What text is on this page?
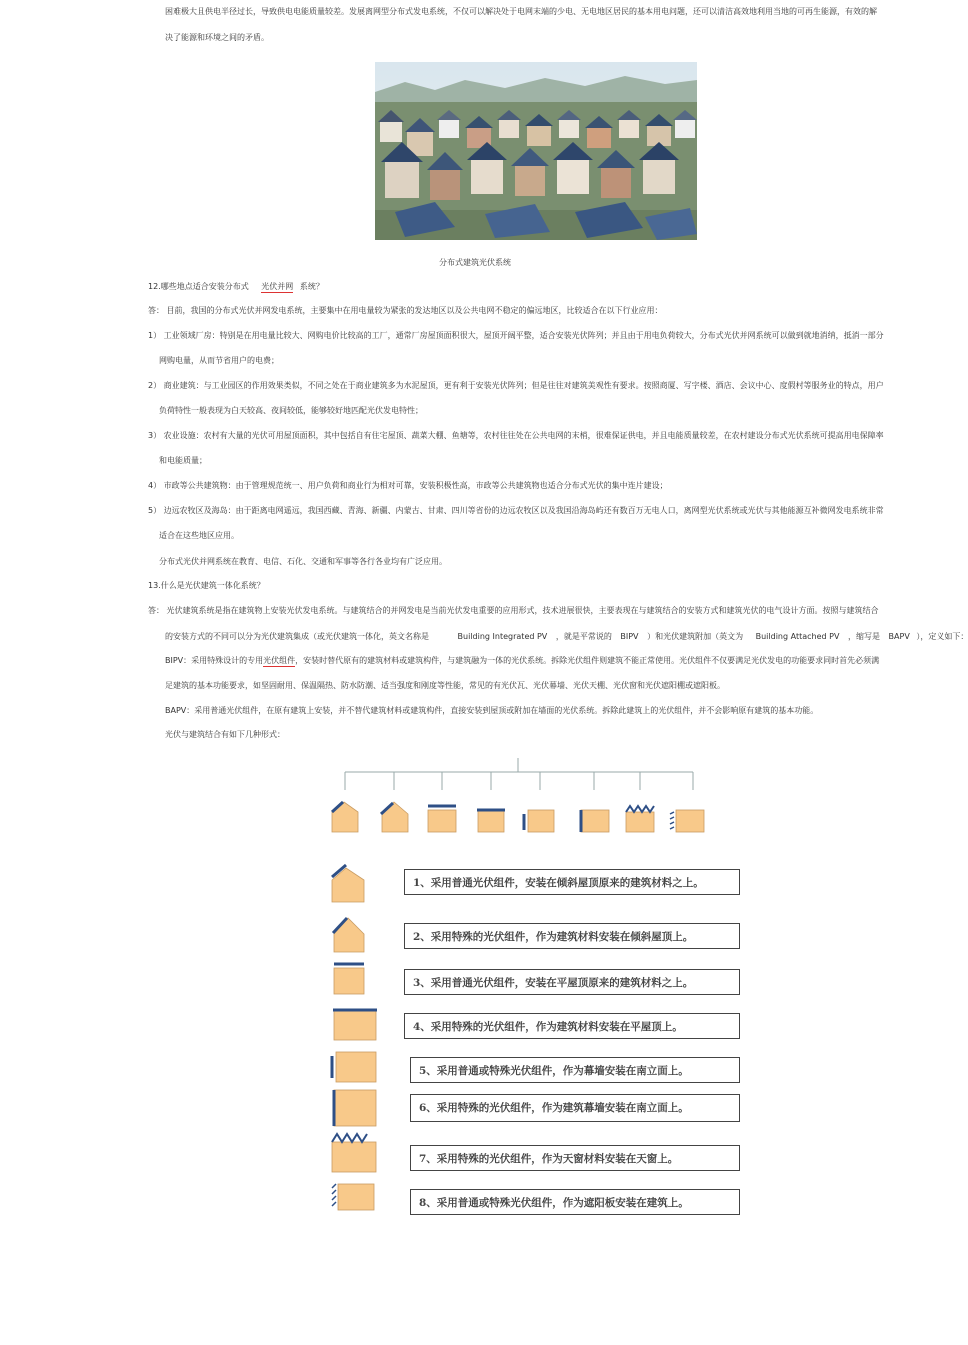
困难极大且供电半径过长，导致供电电能质量较差。发展离网型分布式发电系统，不仅可以解决处于电网末端的少电、无电地区居民的基本用电问题，还可以清洁高效地利用当地的可再生能源，有效的解
决了能源和环境之间的矛盾。
分布式建筑光伏系统
12.哪些地点适合安装分布式 光伏并网 系统？
答： 目前，我国的分布式光伏并网发电系统，主要集中在用电量较为紧张的发达地区以及公共电网不稳定的偏远地区，比较适合在以下行业应用：
1） 工业领域厂房：特别是在用电量比较大、网购电价比较高的工厂，通常厂房屋顶面积很大，屋顶开阔平整，适合安装光伏阵列；并且由于用电负荷较大，分布式光伏并网系统可以做到就地消纳，抵消一部分
网购电量，从而节省用户的电费；
2） 商业建筑：与工业园区的作用效果类似，不同之处在于商业建筑多为水泥屋顶，更有利于安装光伏阵列；但是往往对建筑美观性有要求。按照商厦、写字楼、酒店、会议中心、度假村等服务业的特点，用户
负荷特性一般表现为白天较高、夜间较低，能够较好地匹配光伏发电特性；
3） 农业设施：农村有大量的光伏可用屋顶面积，其中包括自有住宅屋顶、蔬菜大棚、鱼塘等，农村往往处在公共电网的末梢，很难保证供电，并且电能质量较差，在农村建设分布式光伏系统可提高用电保障率
和电能质量；
4） 市政等公共建筑物：由于管理规范统一、用户负荷和商业行为相对可靠，安装积极性高，市政等公共建筑物也适合分布式光伏的集中连片建设；
5） 边远农牧区及海岛：由于距离电网遥远，我国西藏、青海、新疆、内蒙古、甘肃、四川等省份的边远农牧区以及我国沿海岛屿还有数百万无电人口，离网型光伏系统或光伏与其他能源互补微网发电系统非常
适合在这些地区应用。
分布式光伏并网系统在教育、电信、石化、交通和军事等各行各业均有广泛应用。
13.什么是光伏建筑一体化系统？
答： 光伏建筑系统是指在建筑物上安装光伏发电系统。与建筑结合的并网发电是当前光伏发电重要的应用形式，技术进展很快，主要表现在与建筑结合的安装方式和建筑光伏的电气设计方面。按照与建筑结合
的安装方式的不同可以分为光伏建筑集成（或光伏建筑一体化，英文名称是	Building Integrated PV ，就是平常说的 BIPV ）和光伏建筑附加（英文为 Building Attached PV ，缩写是 BAPV ），定义如下：
BIPV：采用特殊设计的专用光伏组件，安装时替代原有的建筑材料或建筑构件，与建筑融为一体的光伏系统。拆除光伏组件则建筑不能正常使用。光伏组件不仅要满足光伏发电的功能要求同时首先必须满
足建筑的基本功能要求，如坚固耐用、保温隔热、防水防潮、适当强度和刚度等性能，常见的有光伏瓦、光伏幕墙、光伏天棚、光伏窗和光伏遮阳棚或遮阳板。
BAPV：采用普通光伏组件，在原有建筑上安装，并不替代建筑材料或建筑构件，直接安装到屋顶或附加在墙面的光伏系统。拆除此建筑上的光伏组件，并不会影响原有建筑的基本功能。
光伏与建筑结合有如下几种形式：
1、采用普通光伏组件，安装在倾斜屋顶原来的建筑材料之上。
2、采用特殊的光伏组件，作为建筑材料安装在倾斜屋顶上。
3、采用普通光伏组件，安装在平屋顶原来的建筑材料之上。
4、采用特殊的光伏组件，作为建筑材料安装在平屋顶上。
5、采用普通或特殊光伏组件，作为幕墙安装在南立面上。
6、采用特殊的光伏组件，作为建筑幕墙安装在南立面上。
7、采用特殊的光伏组件，作为天窗材料安装在天窗上。
8、采用普通或特殊光伏组件，作为遮阳板安装在建筑上。
